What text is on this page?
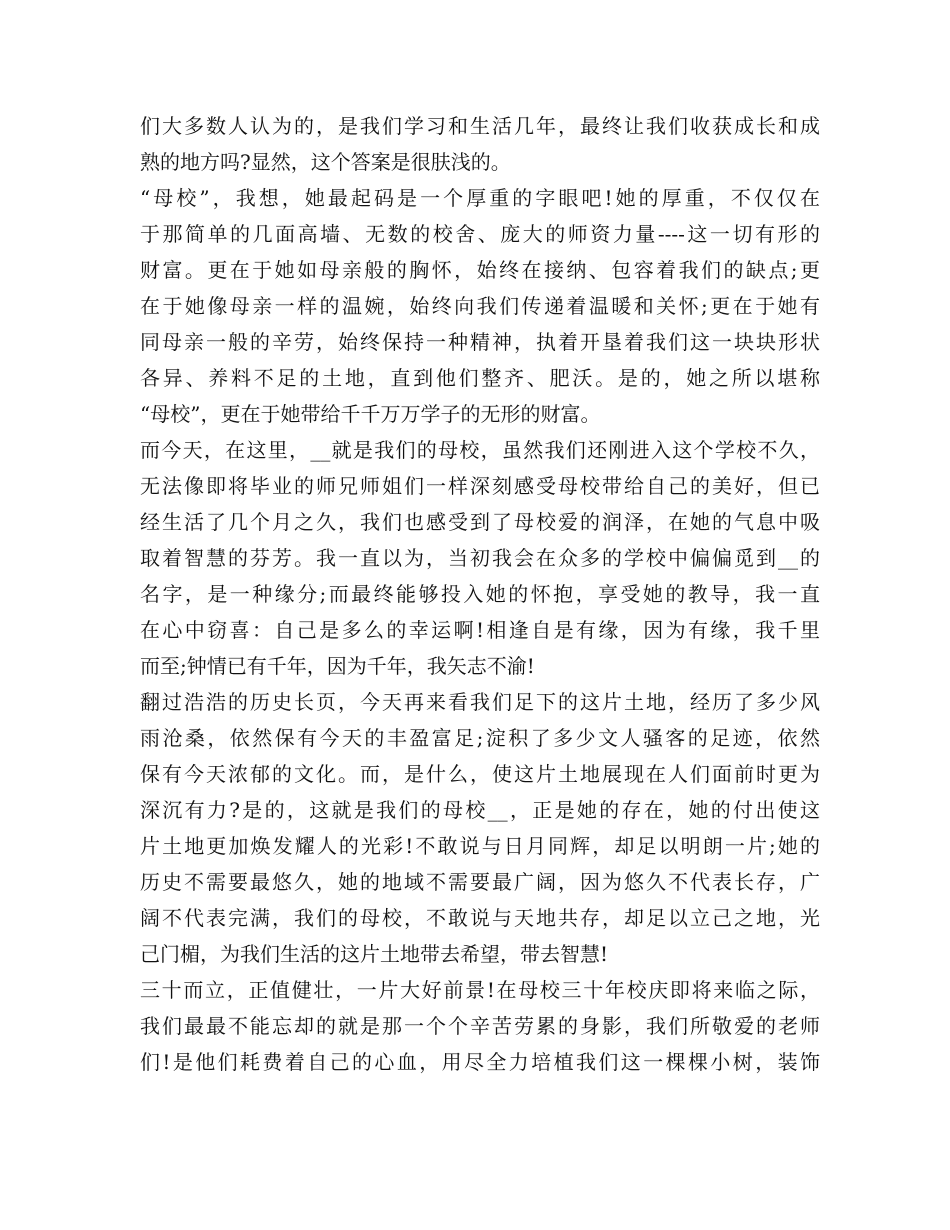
们大多数人认为的，是我们学习和生活几年，最终让我们收获成长和成
熟的地方吗?显然，这个答案是很肤浅的。
“母校”，我想，她最起码是一个厚重的字眼吧!她的厚重，不仅仅在
于那简单的几面高墙、无数的校舍、庞大的师资力量----这一切有形的
财富。更在于她如母亲般的胸怀，始终在接纳、包容着我们的缺点;更
在于她像母亲一样的温婉，始终向我们传递着温暖和关怀;更在于她有
同母亲一般的辛劳，始终保持一种精神，执着开垦着我们这一块块形状
各异、养料不足的土地，直到他们整齐、肥沃。是的，她之所以堪称
“母校”，更在于她带给千千万万学子的无形的财富。
而今天，在这里，__就是我们的母校，虽然我们还刚进入这个学校不久，
无法像即将毕业的师兄师姐们一样深刻感受母校带给自己的美好，但已
经生活了几个月之久，我们也感受到了母校爱的润泽，在她的气息中吸
取着智慧的芬芳。我一直以为，当初我会在众多的学校中偏偏觅到__的
名字，是一种缘分;而最终能够投入她的怀抱，享受她的教导，我一直
在心中窃喜：自己是多么的幸运啊!相逢自是有缘，因为有缘，我千里
而至;钟情已有千年，因为千年，我矢志不渝!
翻过浩浩的历史长页，今天再来看我们足下的这片土地，经历了多少风
雨沧桑，依然保有今天的丰盈富足;淀积了多少文人骚客的足迹，依然
保有今天浓郁的文化。而，是什么，使这片土地展现在人们面前时更为
深沉有力?是的，这就是我们的母校__，正是她的存在，她的付出使这
片土地更加焕发耀人的光彩!不敢说与日月同辉，却足以明朗一片;她的
历史不需要最悠久，她的地域不需要最广阔，因为悠久不代表长存，广
阔不代表完满，我们的母校，不敢说与天地共存，却足以立己之地，光
己门楣，为我们生活的这片土地带去希望，带去智慧!
三十而立，正值健壮，一片大好前景!在母校三十年校庆即将来临之际，
我们最最不能忘却的就是那一个个辛苦劳累的身影，我们所敬爱的老师
们!是他们耗费着自己的心血，用尽全力培植我们这一棵棵小树，装饰
